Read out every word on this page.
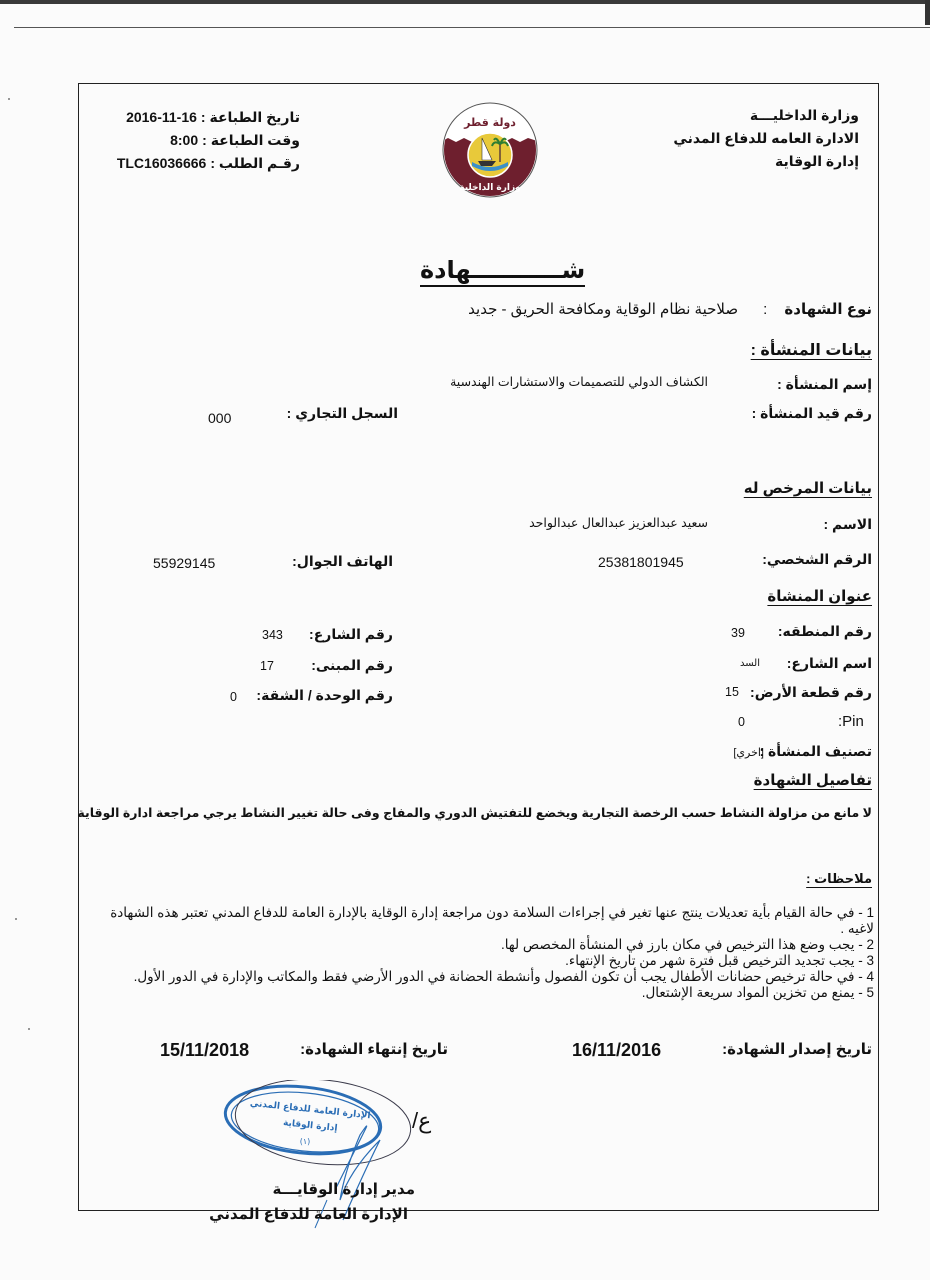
وزارة الداخليـــة
الادارة العامه للدفاع المدني
إدارة الوقاية
تاريخ الطباعة :
2016-11-16
وقت الطباعة :
8:00
رقـم الطلب :
TLC16036666
دولة قطر
وزارة الداخلية
شـــــــــــهادة
نوع الشهادة : صلاحية نظام الوقاية ومكافحة الحريق - جديد
بيانات المنشأة :
إسم المنشأة :
الكشاف الدولي للتصميمات والاستشارات الهندسية
رقم قيد المنشأة :
السجل التجاري :
000
بيانات المرخص له
الاسم :
سعيد عبدالعزيز عبدالعال عبدالواحد
الرقم الشخصي:
25381801945
الهاتف الجوال:
55929145
عنوان المنشاة
رقم المنطقه:
39
رقم الشارع:
343
اسم الشارع:
السد
رقم المبنى:
17
رقم قطعة الأرض:
15
رقم الوحدة / الشقة:
0
:Pin
0
تصنيف المنشأة :
[اخري]
تفاصيل الشهادة
لا مانع من مزاولة النشاط حسب الرخصة التجارية ويخضع للتفتيش الدوري والمفاج وفى حالة تغيير النشاط يرجي مراجعة ادارة الوقاية
ملاحظات :
1 - في حالة القيام بأية تعديلات ينتج عنها تغير في إجراءات السلامة دون مراجعة إدارة الوقاية بالإدارة العامة للدفاع المدني تعتبر هذه الشهادة لاغيه .
2 - يجب وضع هذا الترخيص في مكان بارز في المنشأة المخصص لها.
3 - يجب تجديد الترخيص قبل فترة شهر من تاريخ الإنتهاء.
4 - في حالة ترخيص حضانات الأطفال يجب أن تكون الفصول وأنشطة الحضانة في الدور الأرضي فقط والمكاتب والإدارة في الدور الأول.
5 - يمنع من تخزين المواد سريعة الإشتعال.
تاريخ إصدار الشهادة:
16/11/2016
تاريخ إنتهاء الشهادة:
15/11/2018
ع/
الإدارة العامة للدفاع المدني
إدارة الوقاية
(١)
مدير إدارة الوقايـــة
الإدارة العامة للدفاع المدني
